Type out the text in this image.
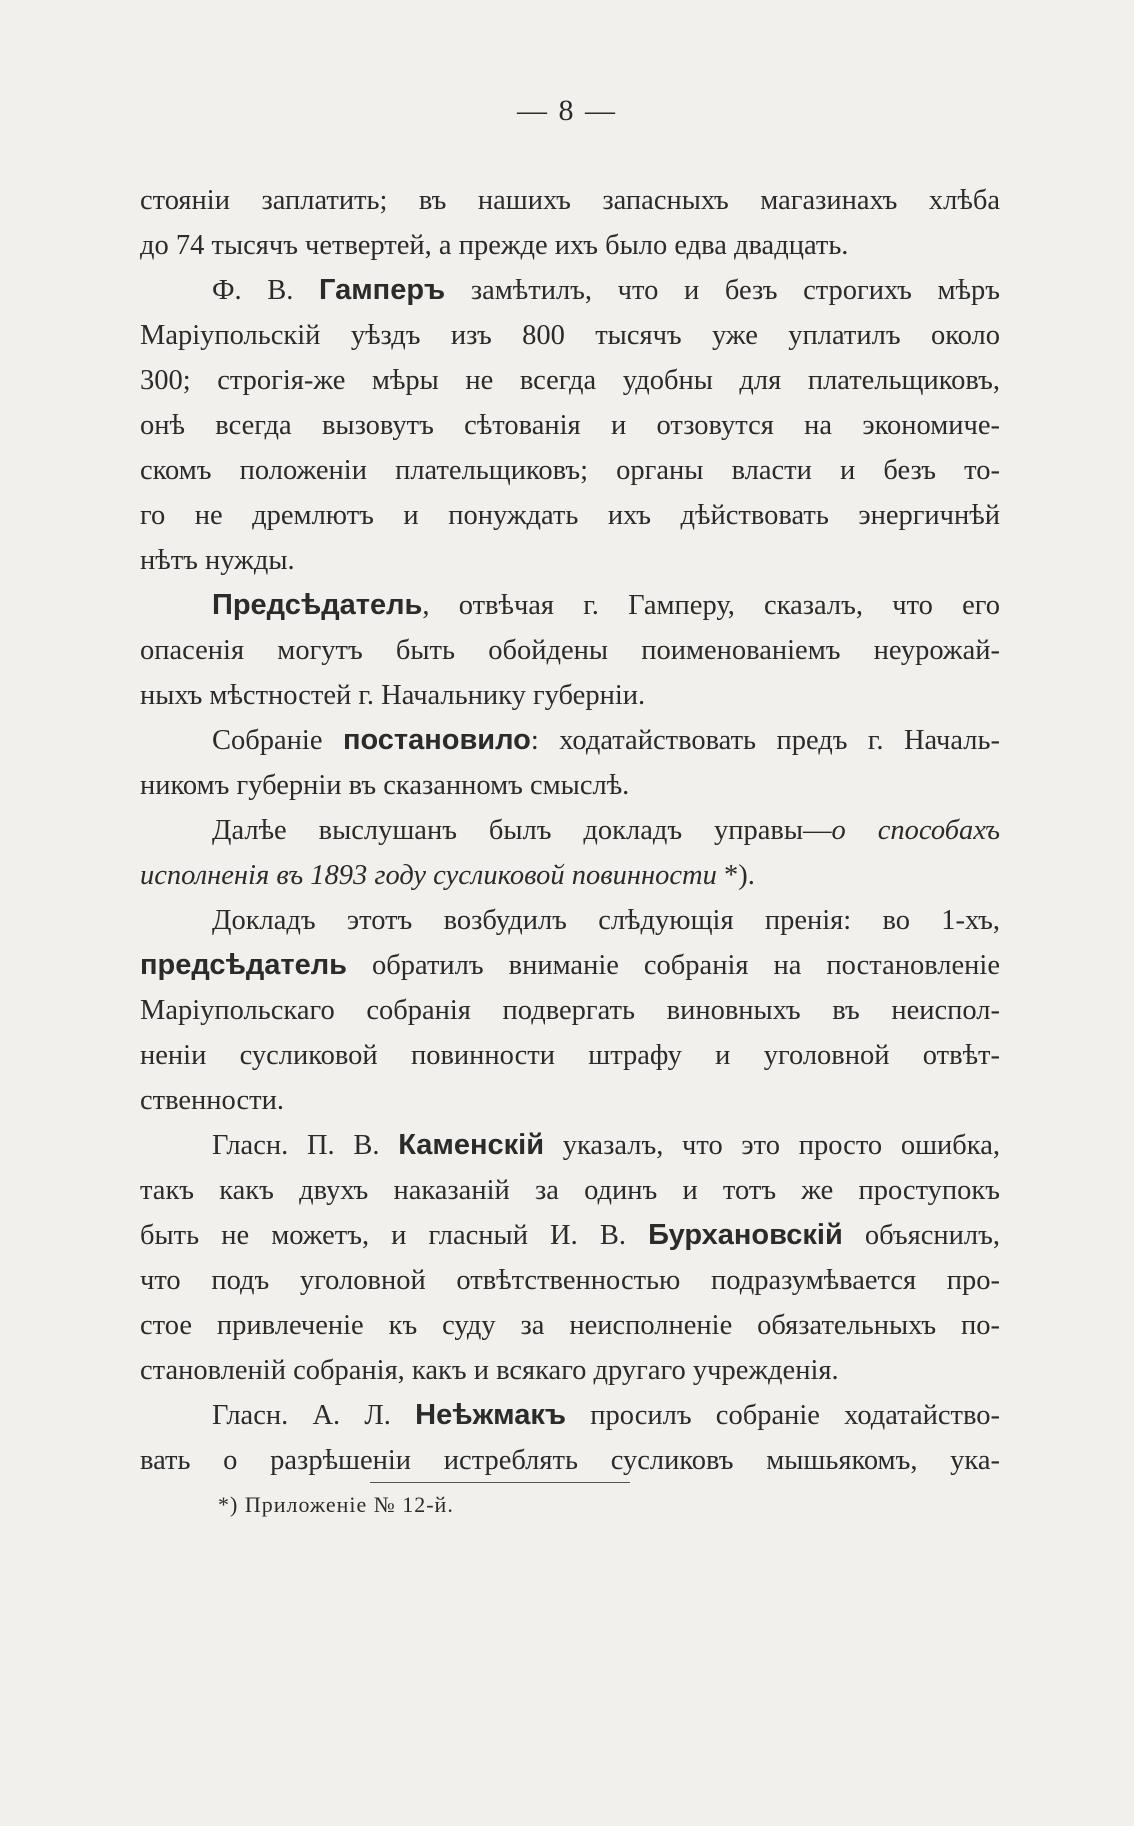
— 8 —
стояніи заплатить; въ нашихъ запасныхъ магазинахъ хлѣба
до 74 тысячъ четвертей, а прежде ихъ было едва двадцать.
Ф. В. Гамперъ замѣтилъ, что и безъ строгихъ мѣръ
Маріупольскій уѣздъ изъ 800 тысячъ уже уплатилъ около
300; строгія-же мѣры не всегда удобны для плательщиковъ,
онѣ всегда вызовутъ сѣтованія и отзовутся на экономиче-
скомъ положеніи плательщиковъ; органы власти и безъ то-
го не дремлютъ и понуждать ихъ дѣйствовать энергичнѣй
нѣтъ нужды.
Предсѣдатель, отвѣчая г. Гамперу, сказалъ, что его
опасенія могутъ быть обойдены поименованіемъ неурожай-
ныхъ мѣстностей г. Начальнику губерніи.
Собраніе постановило: ходатайствовать предъ г. Началь-
никомъ губерніи въ сказанномъ смыслѣ.
Далѣе выслушанъ былъ докладъ управы—о способахъ
исполненія въ 1893 году сусликовой повинности *).
Докладъ этотъ возбудилъ слѣдующія пренія: во 1-хъ,
предсѣдатель обратилъ вниманіе собранія на постановленіе
Маріупольскаго собранія подвергать виновныхъ въ неиспол-
неніи сусликовой повинности штрафу и уголовной отвѣт-
ственности.
Гласн. П. В. Каменскій указалъ, что это просто ошибка,
такъ какъ двухъ наказаній за одинъ и тотъ же проступокъ
быть не можетъ, и гласный И. В. Бурхановскій объяснилъ,
что подъ уголовной отвѣтственностью подразумѣвается про-
стое привлеченіе къ суду за неисполненіе обязательныхъ по-
становленій собранія, какъ и всякаго другаго учрежденія.
Гласн. А. Л. Неѣжмакъ просилъ собраніе ходатайство-
вать о разрѣшеніи истреблять сусликовъ мышьякомъ, ука-
*) Приложеніе № 12-й.
